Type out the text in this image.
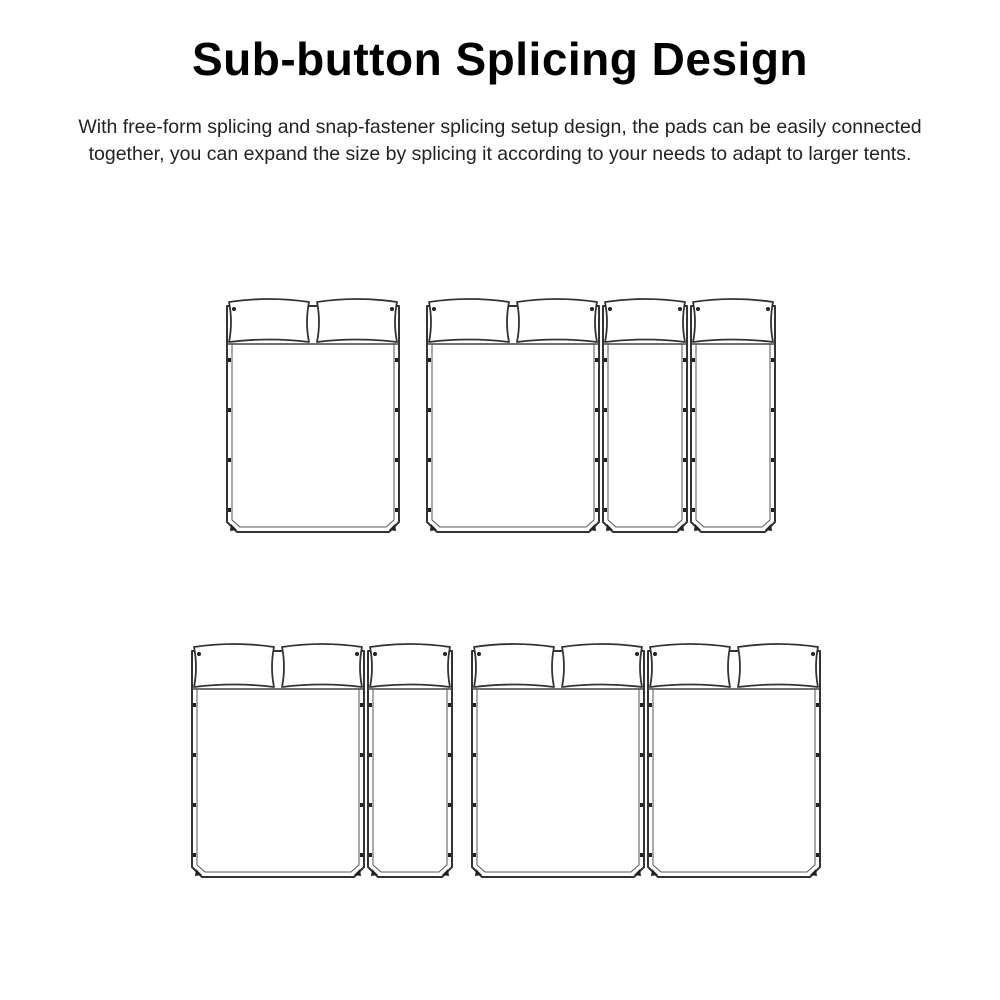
Sub-button Splicing Design
With free-form splicing and snap-fastener splicing setup design, the pads can be easily connected together, you can expand the size by splicing it according to your needs to adapt to larger tents.
